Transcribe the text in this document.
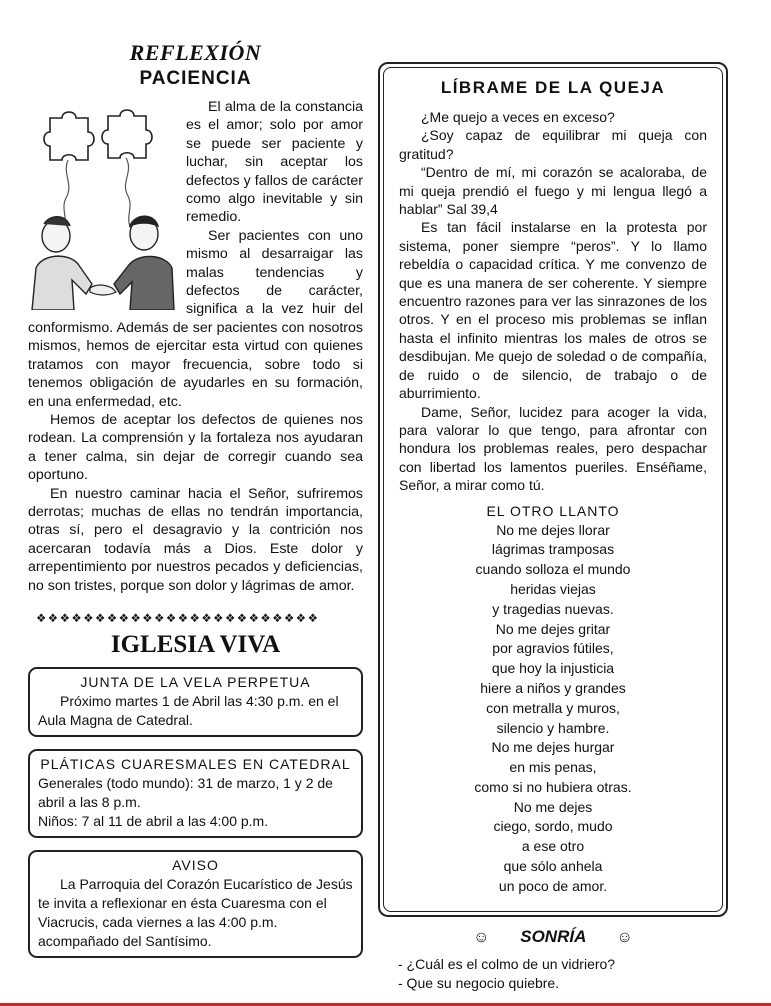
REFLEXIÓN
PACIENCIA

El alma de la constancia es el amor; solo por amor se puede ser paciente y luchar, sin aceptar los defectos y fallos de carácter como algo inevitable y sin remedio.

Ser pacientes con uno mismo al desarraigar las malas tendencias y defectos de carácter, significa a la vez huir del conformismo. Además de ser pacientes con nosotros mismos, hemos de ejercitar esta virtud con quienes tratamos con mayor frecuencia, sobre todo si tenemos obligación de ayudarles en su formación, en una enfermedad, etc.

Hemos de aceptar los defectos de quienes nos rodean. La comprensión y la fortaleza nos ayudaran a tener calma, sin dejar de corregir cuando sea oportuno.

En nuestro caminar hacia el Señor, sufriremos derrotas; muchas de ellas no tendrán importancia, otras sí, pero el desagravio y la contrición nos acercaran todavía más a Dios. Este dolor y arrepentimiento por nuestros pecados y deficiencias, no son tristes, porque son dolor y lágrimas de amor.

❖❖❖❖❖❖❖❖❖❖❖❖❖❖❖❖❖❖❖❖❖❖❖❖
IGLESIA VIVA
JUNTA DE LA VELA PERPETUA

Próximo martes 1 de Abril las 4:30 p.m. en el Aula Magna de Catedral.

PLÁTICAS CUARESMALES EN CATEDRAL

Generales (todo mundo): 31 de marzo, 1 y 2 de abril a las 8 p.m.

Niños: 7 al 11 de abril a las 4:00 p.m.

AVISO

La Parroquia del Corazón Eucarístico de Jesús te invita a reflexionar en ésta Cuaresma con el Viacrucis, cada viernes a las 4:00 p.m. acompañado del Santísimo.

LÍBRAME DE LA QUEJA

¿Me quejo a veces en exceso?

¿Soy capaz de equilibrar mi queja con gratitud?

“Dentro de mí, mi corazón se acaloraba, de mi queja prendió el fuego y mi lengua llegó a hablar” Sal 39,4

Es tan fácil instalarse en la protesta por sistema, poner siempre “peros”. Y lo llamo rebeldía o capacidad crítica. Y me convenzo de que es una manera de ser coherente. Y siempre encuentro razones para ver las sinrazones de los otros. Y en el proceso mis problemas se inflan hasta el infinito mientras los males de otros se desdibujan. Me quejo de soledad o de compañía, de ruido o de silencio, de trabajo o de aburrimiento.

Dame, Señor, lucidez para acoger la vida, para valorar lo que tengo, para afrontar con hondura los problemas reales, pero despachar con libertad los lamentos pueriles. Enséñame, Señor, a mirar como tú.

EL OTRO LLANTO
No me dejes llorar
lágrimas tramposas
cuando solloza el mundo
heridas viejas
y tragedias nuevas.
No me dejes gritar
por agravios fútiles,
que hoy la injusticia
hiere a niños y grandes
con metralla y muros,
silencio y hambre.
No me dejes hurgar
en mis penas,
como si no hubiera otras.
No me dejes
ciego, sordo, mudo
a ese otro
que sólo anhela
un poco de amor.
☺ SONRÍA ☺
- ¿Cuál es el colmo de un vidriero?
- Que su negocio quiebre.
